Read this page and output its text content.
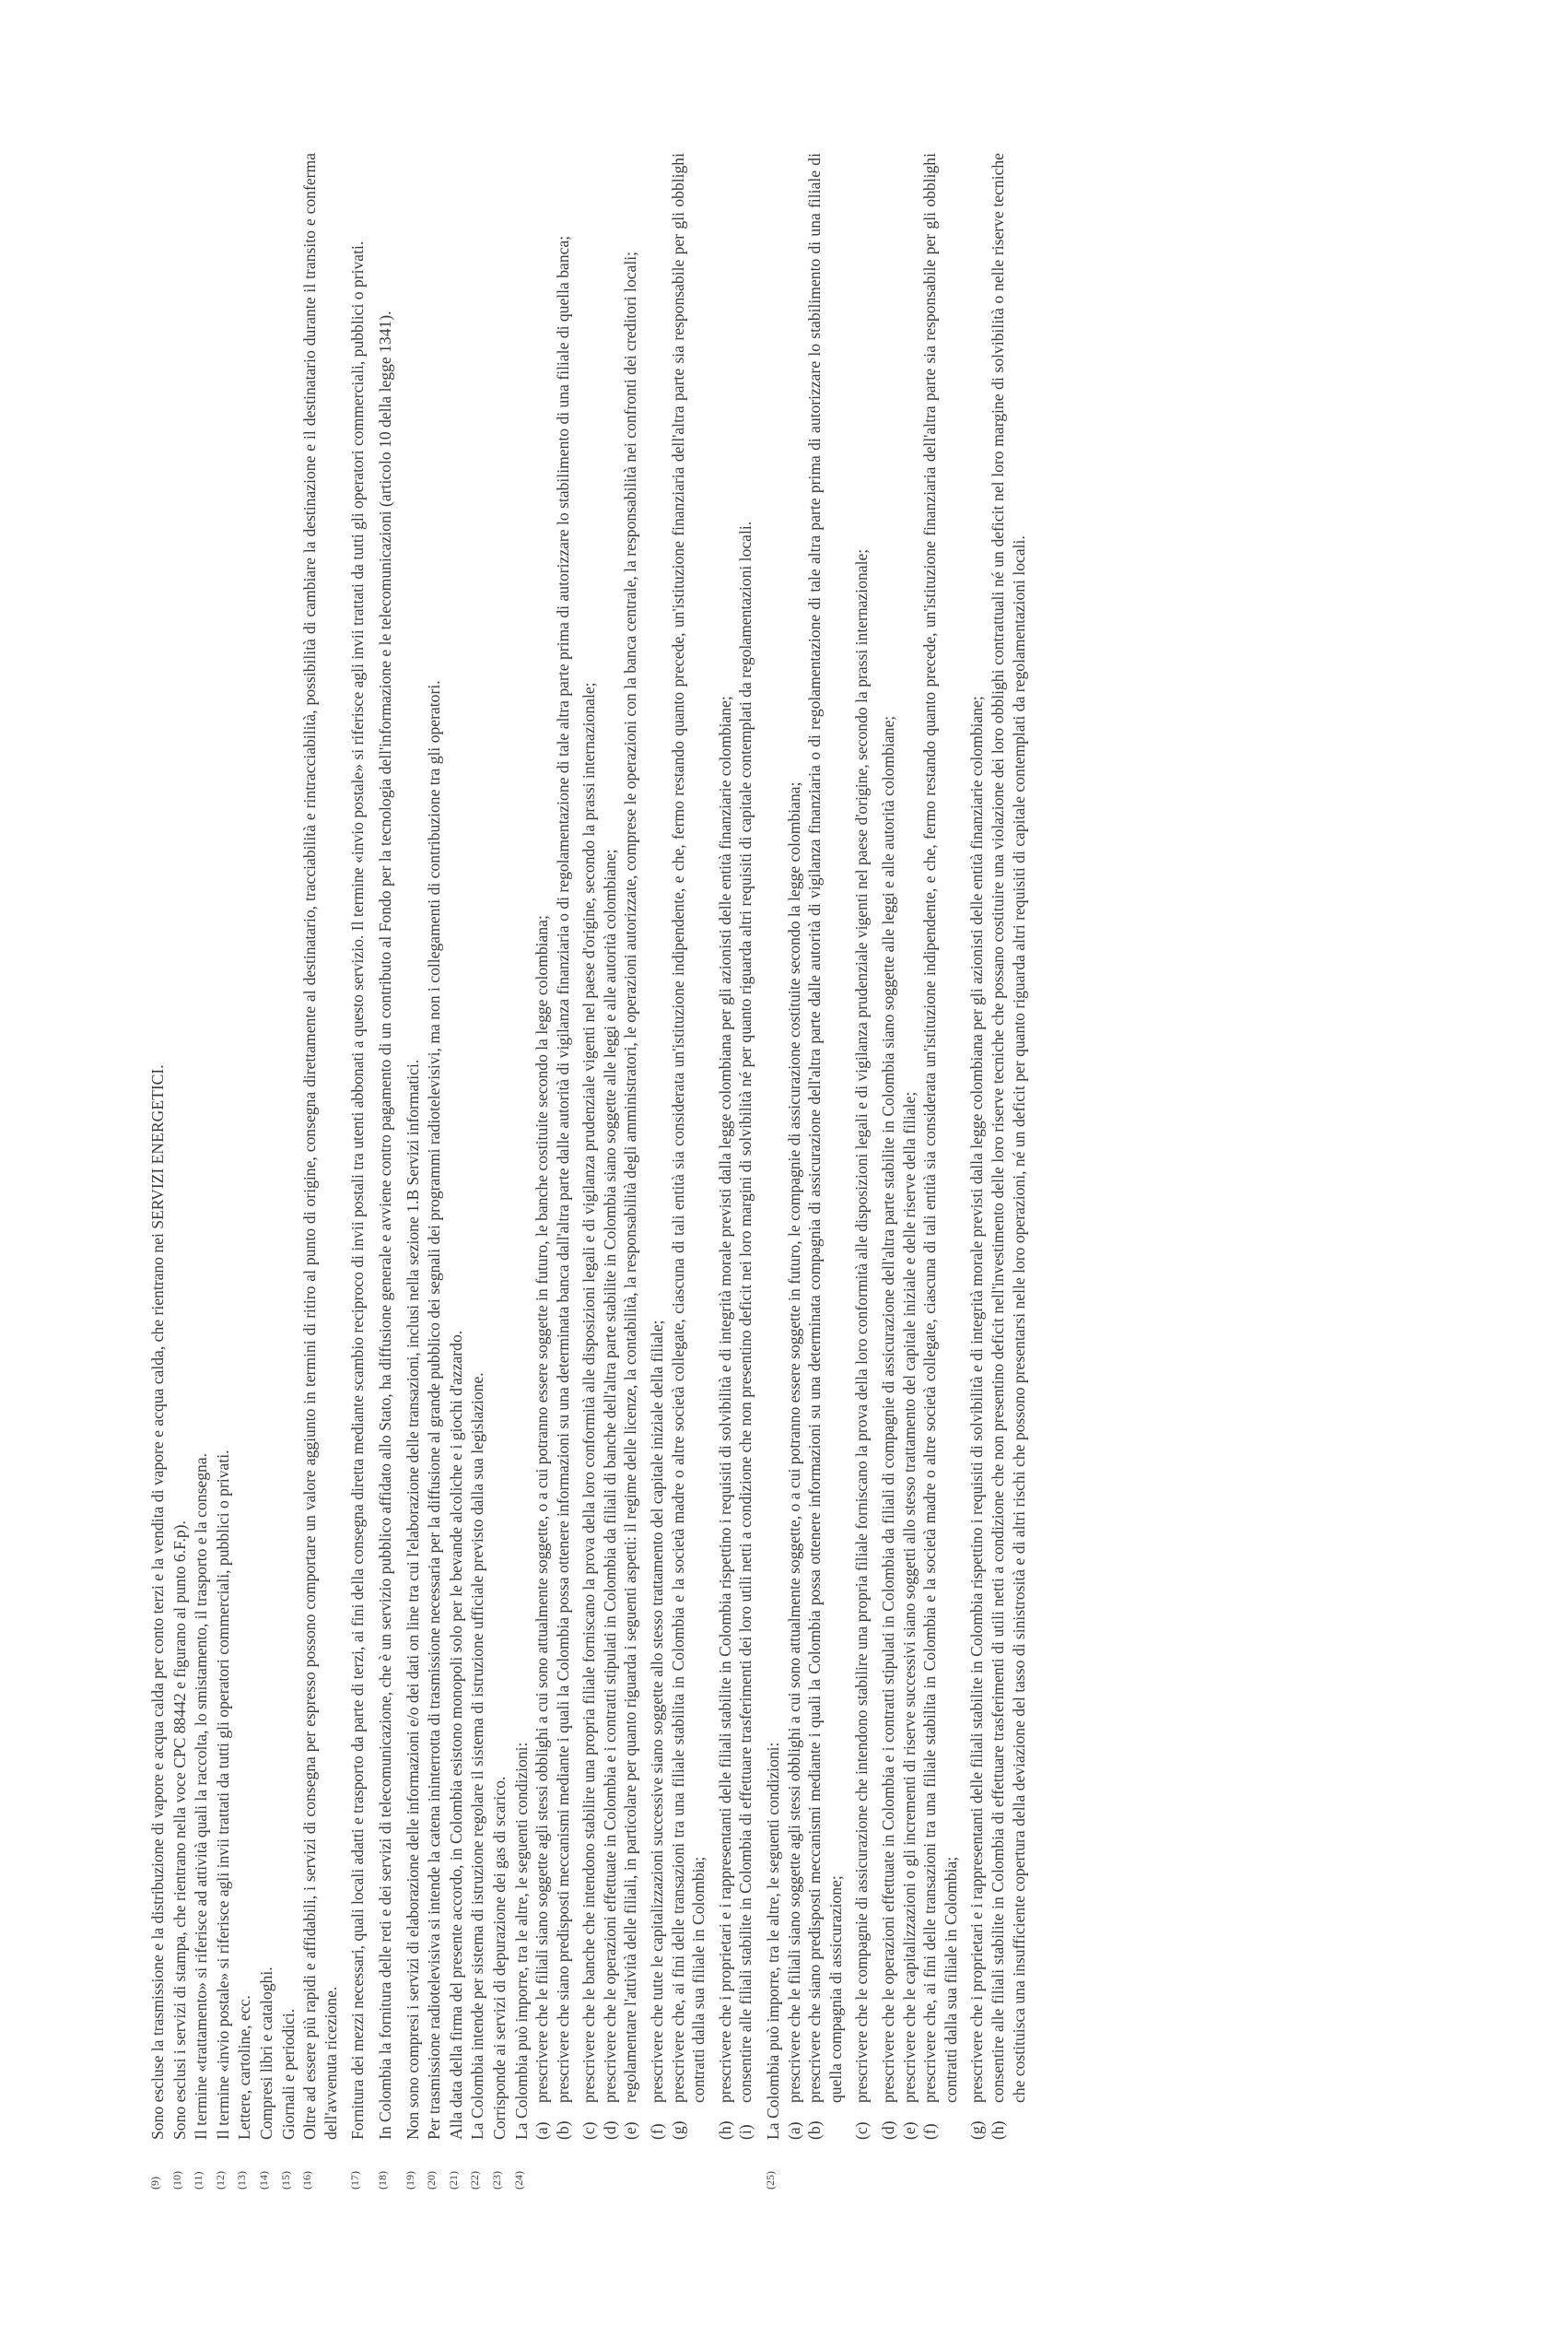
(9)
Sono escluse la trasmissione e la distribuzione di vapore e acqua calda per conto terzi e la vendita di vapore e acqua calda, che rientrano nei SERVIZI ENERGETICI.
(10)
Sono esclusi i servizi di stampa, che rientrano nella voce CPC 88442 e figurano al punto 6.F.p).
(11)
Il termine «trattamento» si riferisce ad attività quali la raccolta, lo smistamento, il trasporto e la consegna.
(12)
Il termine «invio postale» si riferisce agli invii trattati da tutti gli operatori commerciali, pubblici o privati.
(13)
Lettere, cartoline, ecc.
(14)
Compresi libri e cataloghi.
(15)
Giornali e periodici.
(16)
Oltre ad essere più rapidi e affidabili, i servizi di consegna per espresso possono comportare un valore aggiunto in termini di ritiro al punto di origine, consegna direttamente al destinatario, tracciabilità e rintracciabilità, possibilità di cambiare la destinazione e il destinatario durante il transito e conferma dell'avvenuta ricezione.
(17)
Fornitura dei mezzi necessari, quali locali adatti e trasporto da parte di terzi, ai fini della consegna diretta mediante scambio reciproco di invii postali tra utenti abbonati a questo servizio. Il termine «invio postale» si riferisce agli invii trattati da tutti gli operatori commerciali, pubblici o privati.
(18)
In Colombia la fornitura delle reti e dei servizi di telecomunicazione, che è un servizio pubblico affidato allo Stato, ha diffusione generale e avviene contro pagamento di un contributo al Fondo per la tecnologia dell'informazione e le telecomunicazioni (articolo 10 della legge 1341).
(19)
Non sono compresi i servizi di elaborazione delle informazioni e/o dei dati on line tra cui l'elaborazione delle transazioni, inclusi nella sezione 1.B Servizi informatici.
(20)
Per trasmissione radiotelevisiva si intende la catena ininterrotta di trasmissione necessaria per la diffusione al grande pubblico dei segnali dei programmi radiotelevisivi, ma non i collegamenti di contribuzione tra gli operatori.
(21)
Alla data della firma del presente accordo, in Colombia esistono monopoli solo per le bevande alcoliche e i giochi d'azzardo.
(22)
La Colombia intende per sistema di istruzione regolare il sistema di istruzione ufficiale previsto dalla sua legislazione.
(23)
Corrisponde ai servizi di depurazione dei gas di scarico.
(24)
La Colombia può imporre, tra le altre, le seguenti condizioni: (a)
prescrivere che le filiali siano soggette agli stessi obblighi a cui sono attualmente soggette, o a cui potranno essere soggette in futuro, le banche costituite secondo la legge colombiana;
(b)
prescrivere che siano predisposti meccanismi mediante i quali la Colombia possa ottenere informazioni su una determinata banca dall'altra parte dalle autorità di vigilanza finanziaria o di regolamentazione di tale altra parte prima di autorizzare lo stabilimento di una filiale di quella banca;
(c)
prescrivere che le banche che intendono stabilire una propria filiale forniscano la prova della loro conformità alle disposizioni legali e di vigilanza prudenziale vigenti nel paese d'origine, secondo la prassi internazionale;
(d)
prescrivere che le operazioni effettuate in Colombia e i contratti stipulati in Colombia da filiali di banche dell'altra parte stabilite in Colombia siano soggette alle leggi e alle autorità colombiane;
(e)
regolamentare l'attività delle filiali, in particolare per quanto riguarda i seguenti aspetti: il regime delle licenze, la contabilità, la responsabilità degli amministratori, le operazioni autorizzate, comprese le operazioni con la banca centrale, la responsabilità nei confronti dei creditori locali;
(f)
prescrivere che tutte le capitalizzazioni successive siano soggette allo stesso trattamento del capitale iniziale della filiale;
(g)
prescrivere che, ai fini delle transazioni tra una filiale stabilita in Colombia e la società madre o altre società collegate, ciascuna di tali entità sia considerata un'istituzione indipendente, e che, fermo restando quanto precede, un'istituzione finanziaria dell'altra parte sia responsabile per gli obblighi contratti dalla sua filiale in Colombia;
(h)
prescrivere che i proprietari e i rappresentanti delle filiali stabilite in Colombia rispettino i requisiti di solvibilità e di integrità morale previsti dalla legge colombiana per gli azionisti delle entità finanziarie colombiane;
(i)
consentire alle filiali stabilite in Colombia di effettuare trasferimenti dei loro utili netti a condizione che non presentino deficit nei loro margini di solvibilità né per quanto riguarda altri requisiti di capitale contemplati da regolamentazioni locali.
(25)
La Colombia può imporre, tra le altre, le seguenti condizioni: (a)
prescrivere che le filiali siano soggette agli stessi obblighi a cui sono attualmente soggette, o a cui potranno essere soggette in futuro, le compagnie di assicurazione costituite secondo la legge colombiana;
(b)
prescrivere che siano predisposti meccanismi mediante i quali la Colombia possa ottenere informazioni su una determinata compagnia di assicurazione dell'altra parte dalle autorità di vigilanza finanziaria o di regolamentazione di tale altra parte prima di autorizzare lo stabilimento di una filiale di quella compagnia di assicurazione;
(c)
prescrivere che le compagnie di assicurazione che intendono stabilire una propria filiale forniscano la prova della loro conformità alle disposizioni legali e di vigilanza prudenziale vigenti nel paese d'origine, secondo la prassi internazionale;
(d)
prescrivere che le operazioni effettuate in Colombia e i contratti stipulati in Colombia da filiali di compagnie di assicurazione dell'altra parte stabilite in Colombia siano soggette alle leggi e alle autorità colombiane;
(e)
prescrivere che le capitalizzazioni o gli incrementi di riserve successivi siano soggetti allo stesso trattamento del capitale iniziale e delle riserve della filiale;
(f)
prescrivere che, ai fini delle transazioni tra una filiale stabilita in Colombia e la società madre o altre società collegate, ciascuna di tali entità sia considerata un'istituzione indipendente, e che, fermo restando quanto precede, un'istituzione finanziaria dell'altra parte sia responsabile per gli obblighi contratti dalla sua filiale in Colombia;
(g)
prescrivere che i proprietari e i rappresentanti delle filiali stabilite in Colombia rispettino i requisiti di solvibilità e di integrità morale previsti dalla legge colombiana per gli azionisti delle entità finanziarie colombiane;
(h)
consentire alle filiali stabilite in Colombia di effettuare trasferimenti di utili netti a condizione che non presentino deficit nell'investimento delle loro riserve tecniche che possano costituire una violazione dei loro obblighi contrattuali né un deficit nel loro margine di solvibilità o nelle riserve tecniche che costituisca una insufficiente copertura della deviazione del tasso di sinistrosità e di altri rischi che possono presentarsi nelle loro operazioni, né un deficit per quanto riguarda altri requisiti di capitale contemplati da regolamentazioni locali.
